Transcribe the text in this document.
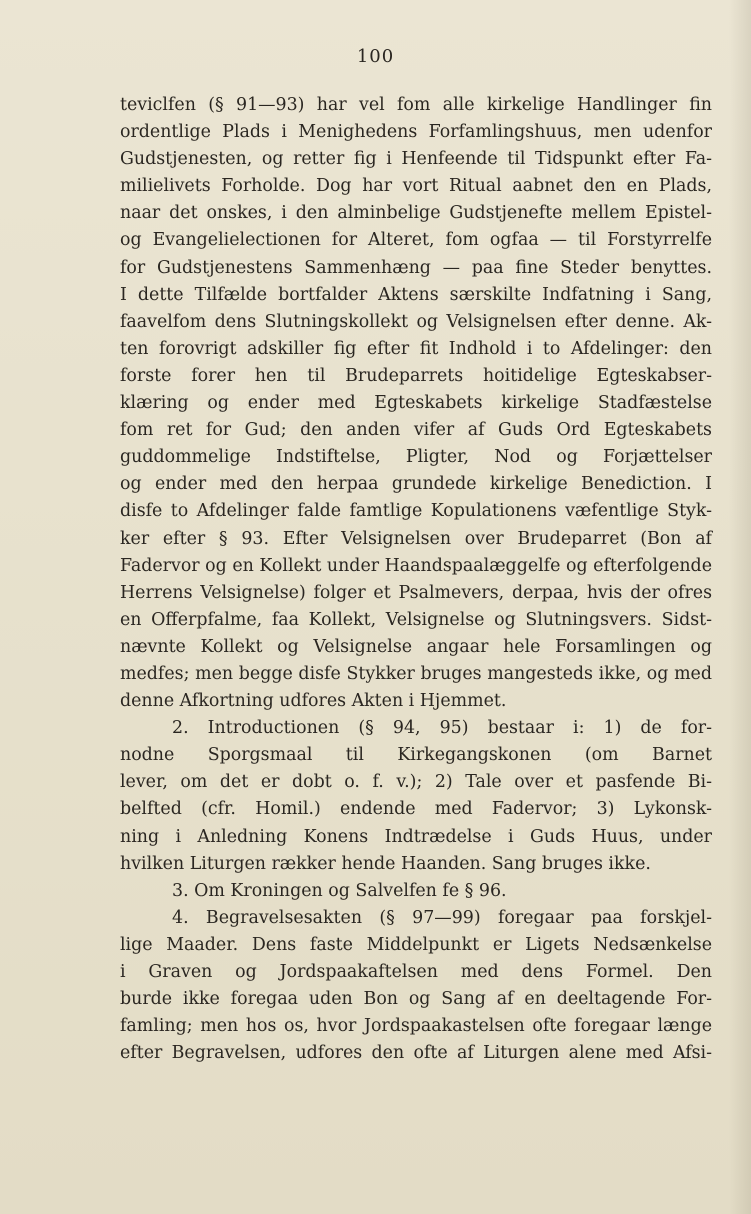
100
teviclfen (§ 91—93) har vel fom alle kirkelige Handlinger fin
ordentlige Plads i Menighedens Forfamlingshuus, men udenfor
Gudstjenesten, og retter fig i Henfeende til Tidspunkt efter Fa-
milielivets Forholde. Dog har vort Ritual aabnet den en Plads,
naar det onskes, i den alminbelige Gudstjenefte mellem Epistel-
og Evangelielectionen for Alteret, fom ogfaa — til Forstyrrelfe
for Gudstjenestens Sammenhæng — paa fine Steder benyttes.
I dette Tilfælde bortfalder Aktens særskilte Indfatning i Sang,
faavelfom dens Slutningskollekt og Velsignelsen efter denne. Ak-
ten forovrigt adskiller fig efter fit Indhold i to Afdelinger: den
forste forer hen til Brudeparrets hoitidelige Egteskabser-
klæring og ender med Egteskabets kirkelige Stadfæstelse
fom ret for Gud; den anden vifer af Guds Ord Egteskabets
guddommelige Indstiftelse, Pligter, Nod og Forjættelser
og ender med den herpaa grundede kirkelige Benediction. I
disfe to Afdelinger falde famtlige Kopulationens væfentlige Styk-
ker efter § 93. Efter Velsignelsen over Brudeparret (Bon af
Fadervor og en Kollekt under Haandspaalæggelfe og efterfolgende
Herrens Velsignelse) folger et Psalmevers, derpaa, hvis der ofres
en Offerpfalme, faa Kollekt, Velsignelse og Slutningsvers. Sidst-
nævnte Kollekt og Velsignelse angaar hele Forsamlingen og
medfes; men begge disfe Stykker bruges mangesteds ikke, og med
denne Afkortning udfores Akten i Hjemmet.
2. Introductionen (§ 94, 95) bestaar i: 1) de for-
nodne Sporgsmaal til Kirkegangskonen (om Barnet
lever, om det er dobt o. f. v.); 2) Tale over et pasfende Bi-
belfted (cfr. Homil.) endende med Fadervor; 3) Lykonsk-
ning i Anledning Konens Indtrædelse i Guds Huus, under
hvilken Liturgen rækker hende Haanden. Sang bruges ikke.
3. Om Kroningen og Salvelfen fe § 96.
4. Begravelsesakten (§ 97—99) foregaar paa forskjel-
lige Maader. Dens faste Middelpunkt er Ligets Nedsænkelse
i Graven og Jordspaakaftelsen med dens Formel. Den
burde ikke foregaa uden Bon og Sang af en deeltagende For-
famling; men hos os, hvor Jordspaakastelsen ofte foregaar længe
efter Begravelsen, udfores den ofte af Liturgen alene med Afsi-
